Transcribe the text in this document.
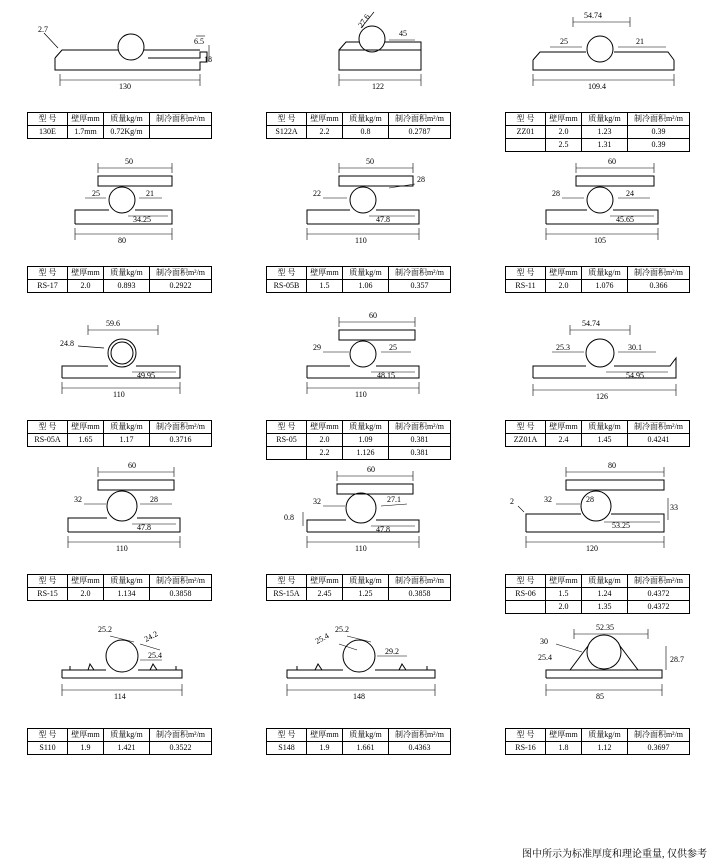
2.7
130
18
6.5
型 号	壁厚mm	质量kg/m	制冷面积m²/m
130E	1.7mm	0.72Kg/m	
27.6
45
122
型 号	壁厚mm	质量kg/m	制冷面积m²/m
S122A	2.2	0.8	0.2787
54.74
25	21
109.4
型 号	壁厚mm	质量kg/m	制冷面积m²/m
ZZ01	2.0	1.23	0.39
	2.5	1.31	0.39
50
25	21
34.25
80
型 号	壁厚mm	质量kg/m	制冷面积m²/m
RS-17	2.0	0.893	0.2922
50
28
22
47.8
110
型 号	壁厚mm	质量kg/m	制冷面积m²/m
RS-05B	1.5	1.06	0.357
60
28	24
45.65
105
型 号	壁厚mm	质量kg/m	制冷面积m²/m
RS-11	2.0	1.076	0.366
59.6
24.8
49.95
110
型 号	壁厚mm	质量kg/m	制冷面积m²/m
RS-05A	1.65	1.17	0.3716
60
29	25
48.15
110
型 号	壁厚mm	质量kg/m	制冷面积m²/m
RS-05	2.0	1.09	0.381
	2.2	1.126	0.381
54.74
25.3	30.1
54.95
126
型 号	壁厚mm	质量kg/m	制冷面积m²/m
ZZ01A	2.4	1.45	0.4241
60
32	28
47.8
110
型 号	壁厚mm	质量kg/m	制冷面积m²/m
RS-15	2.0	1.134	0.3858
60
32	27.1
0.8
47.8
110
型 号	壁厚mm	质量kg/m	制冷面积m²/m
RS-15A	2.45	1.25	0.3858
80
32	28
33
2
53.25
120
型 号	壁厚mm	质量kg/m	制冷面积m²/m
RS-06	1.5	1.24	0.4372
	2.0	1.35	0.4372
25.2	24.2
25.4
114
型 号	壁厚mm	质量kg/m	制冷面积m²/m
S110	1.9	1.421	0.3522
25.2
25.4
29.2
148
型 号	壁厚mm	质量kg/m	制冷面积m²/m
S148	1.9	1.661	0.4363
52.35
30
25.4	28.7
85
型 号	壁厚mm	质量kg/m	制冷面积m²/m
RS-16	1.8	1.12	0.3697
图中所示为标准厚度和理论重量, 仅供参考
